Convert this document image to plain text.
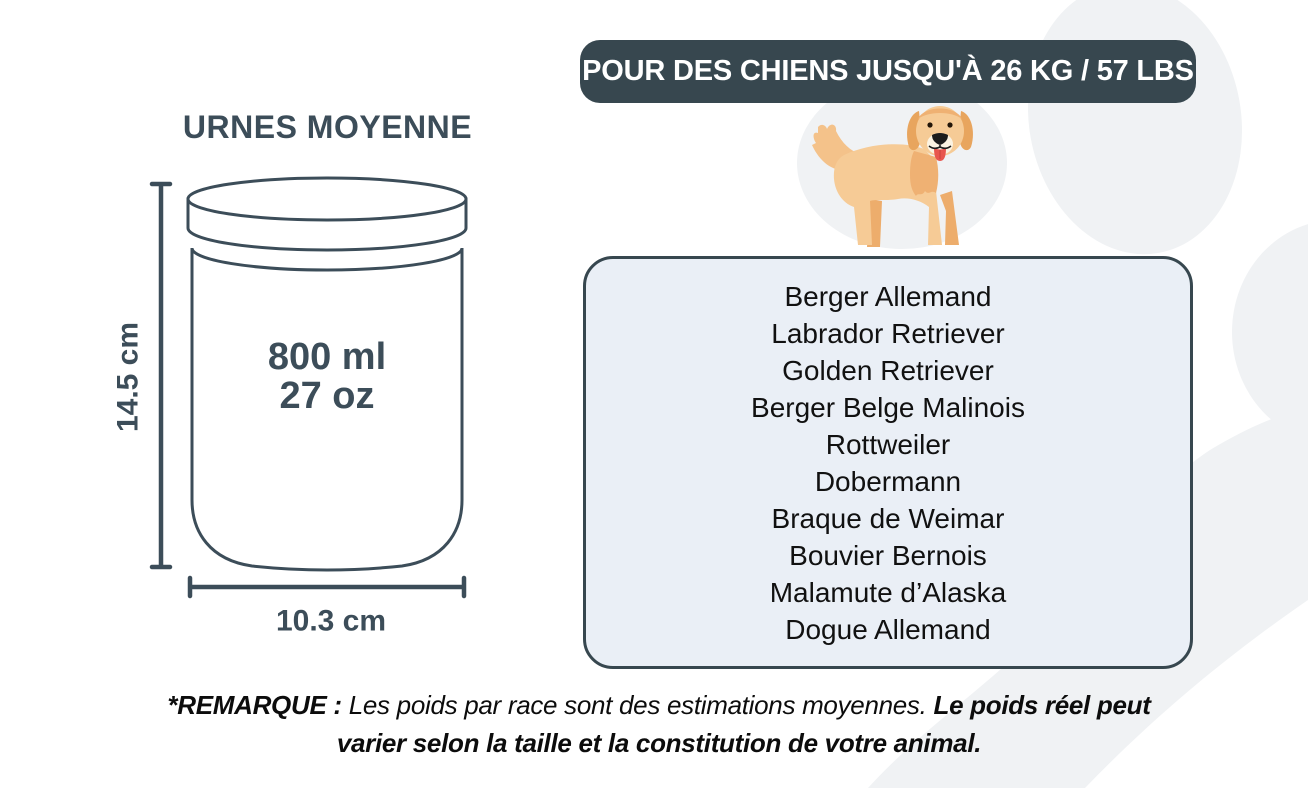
URNES MOYENNE
POUR DES CHIENS JUSQU'À 26 KG / 57 LBS
800 ml
27 oz
14.5 cm
10.3 cm
Berger Allemand
Labrador Retriever
Golden Retriever
Berger Belge Malinois
Rottweiler
Dobermann
Braque de Weimar
Bouvier Bernois
Malamute d’Alaska
Dogue Allemand
*REMARQUE : Les poids par race sont des estimations moyennes. Le poids réel peut
varier selon la taille et la constitution de votre animal.
